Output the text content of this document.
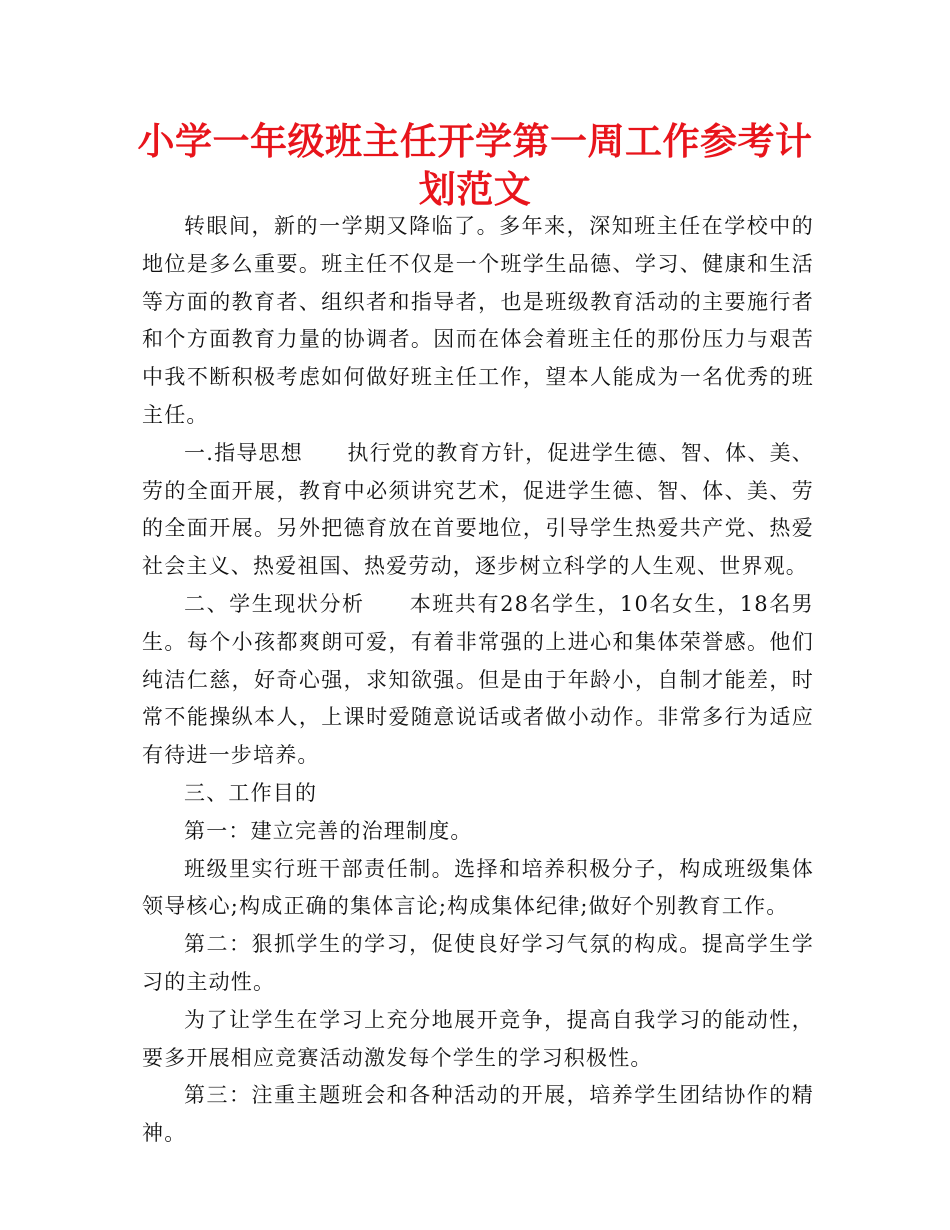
小学一年级班主任开学第一周工作参考计
划范文

转眼间，新的一学期又降临了。多年来，深知班主任在学校中的地位是多么重要。班主任不仅是一个班学生品德、学习、健康和生活等方面的教育者、组织者和指导者，也是班级教育活动的主要施行者和个方面教育力量的协调者。因而在体会着班主任的那份压力与艰苦中我不断积极考虑如何做好班主任工作，望本人能成为一名优秀的班主任。

一.指导思想　　执行党的教育方针，促进学生德、智、体、美、劳的全面开展，教育中必须讲究艺术，促进学生德、智、体、美、劳的全面开展。另外把德育放在首要地位，引导学生热爱共产党、热爱社会主义、热爱祖国、热爱劳动，逐步树立科学的人生观、世界观。

二、学生现状分析　　本班共有28名学生，10名女生，18名男生。每个小孩都爽朗可爱，有着非常强的上进心和集体荣誉感。他们纯洁仁慈，好奇心强，求知欲强。但是由于年龄小，自制才能差，时常不能操纵本人，上课时爱随意说话或者做小动作。非常多行为适应有待进一步培养。

三、工作目的

第一：建立完善的治理制度。

班级里实行班干部责任制。选择和培养积极分子，构成班级集体领导核心;构成正确的集体言论;构成集体纪律;做好个别教育工作。

第二：狠抓学生的学习，促使良好学习气氛的构成。提高学生学习的主动性。

为了让学生在学习上充分地展开竞争，提高自我学习的能动性，要多开展相应竞赛活动激发每个学生的学习积极性。

第三：注重主题班会和各种活动的开展，培养学生团结协作的精神。
